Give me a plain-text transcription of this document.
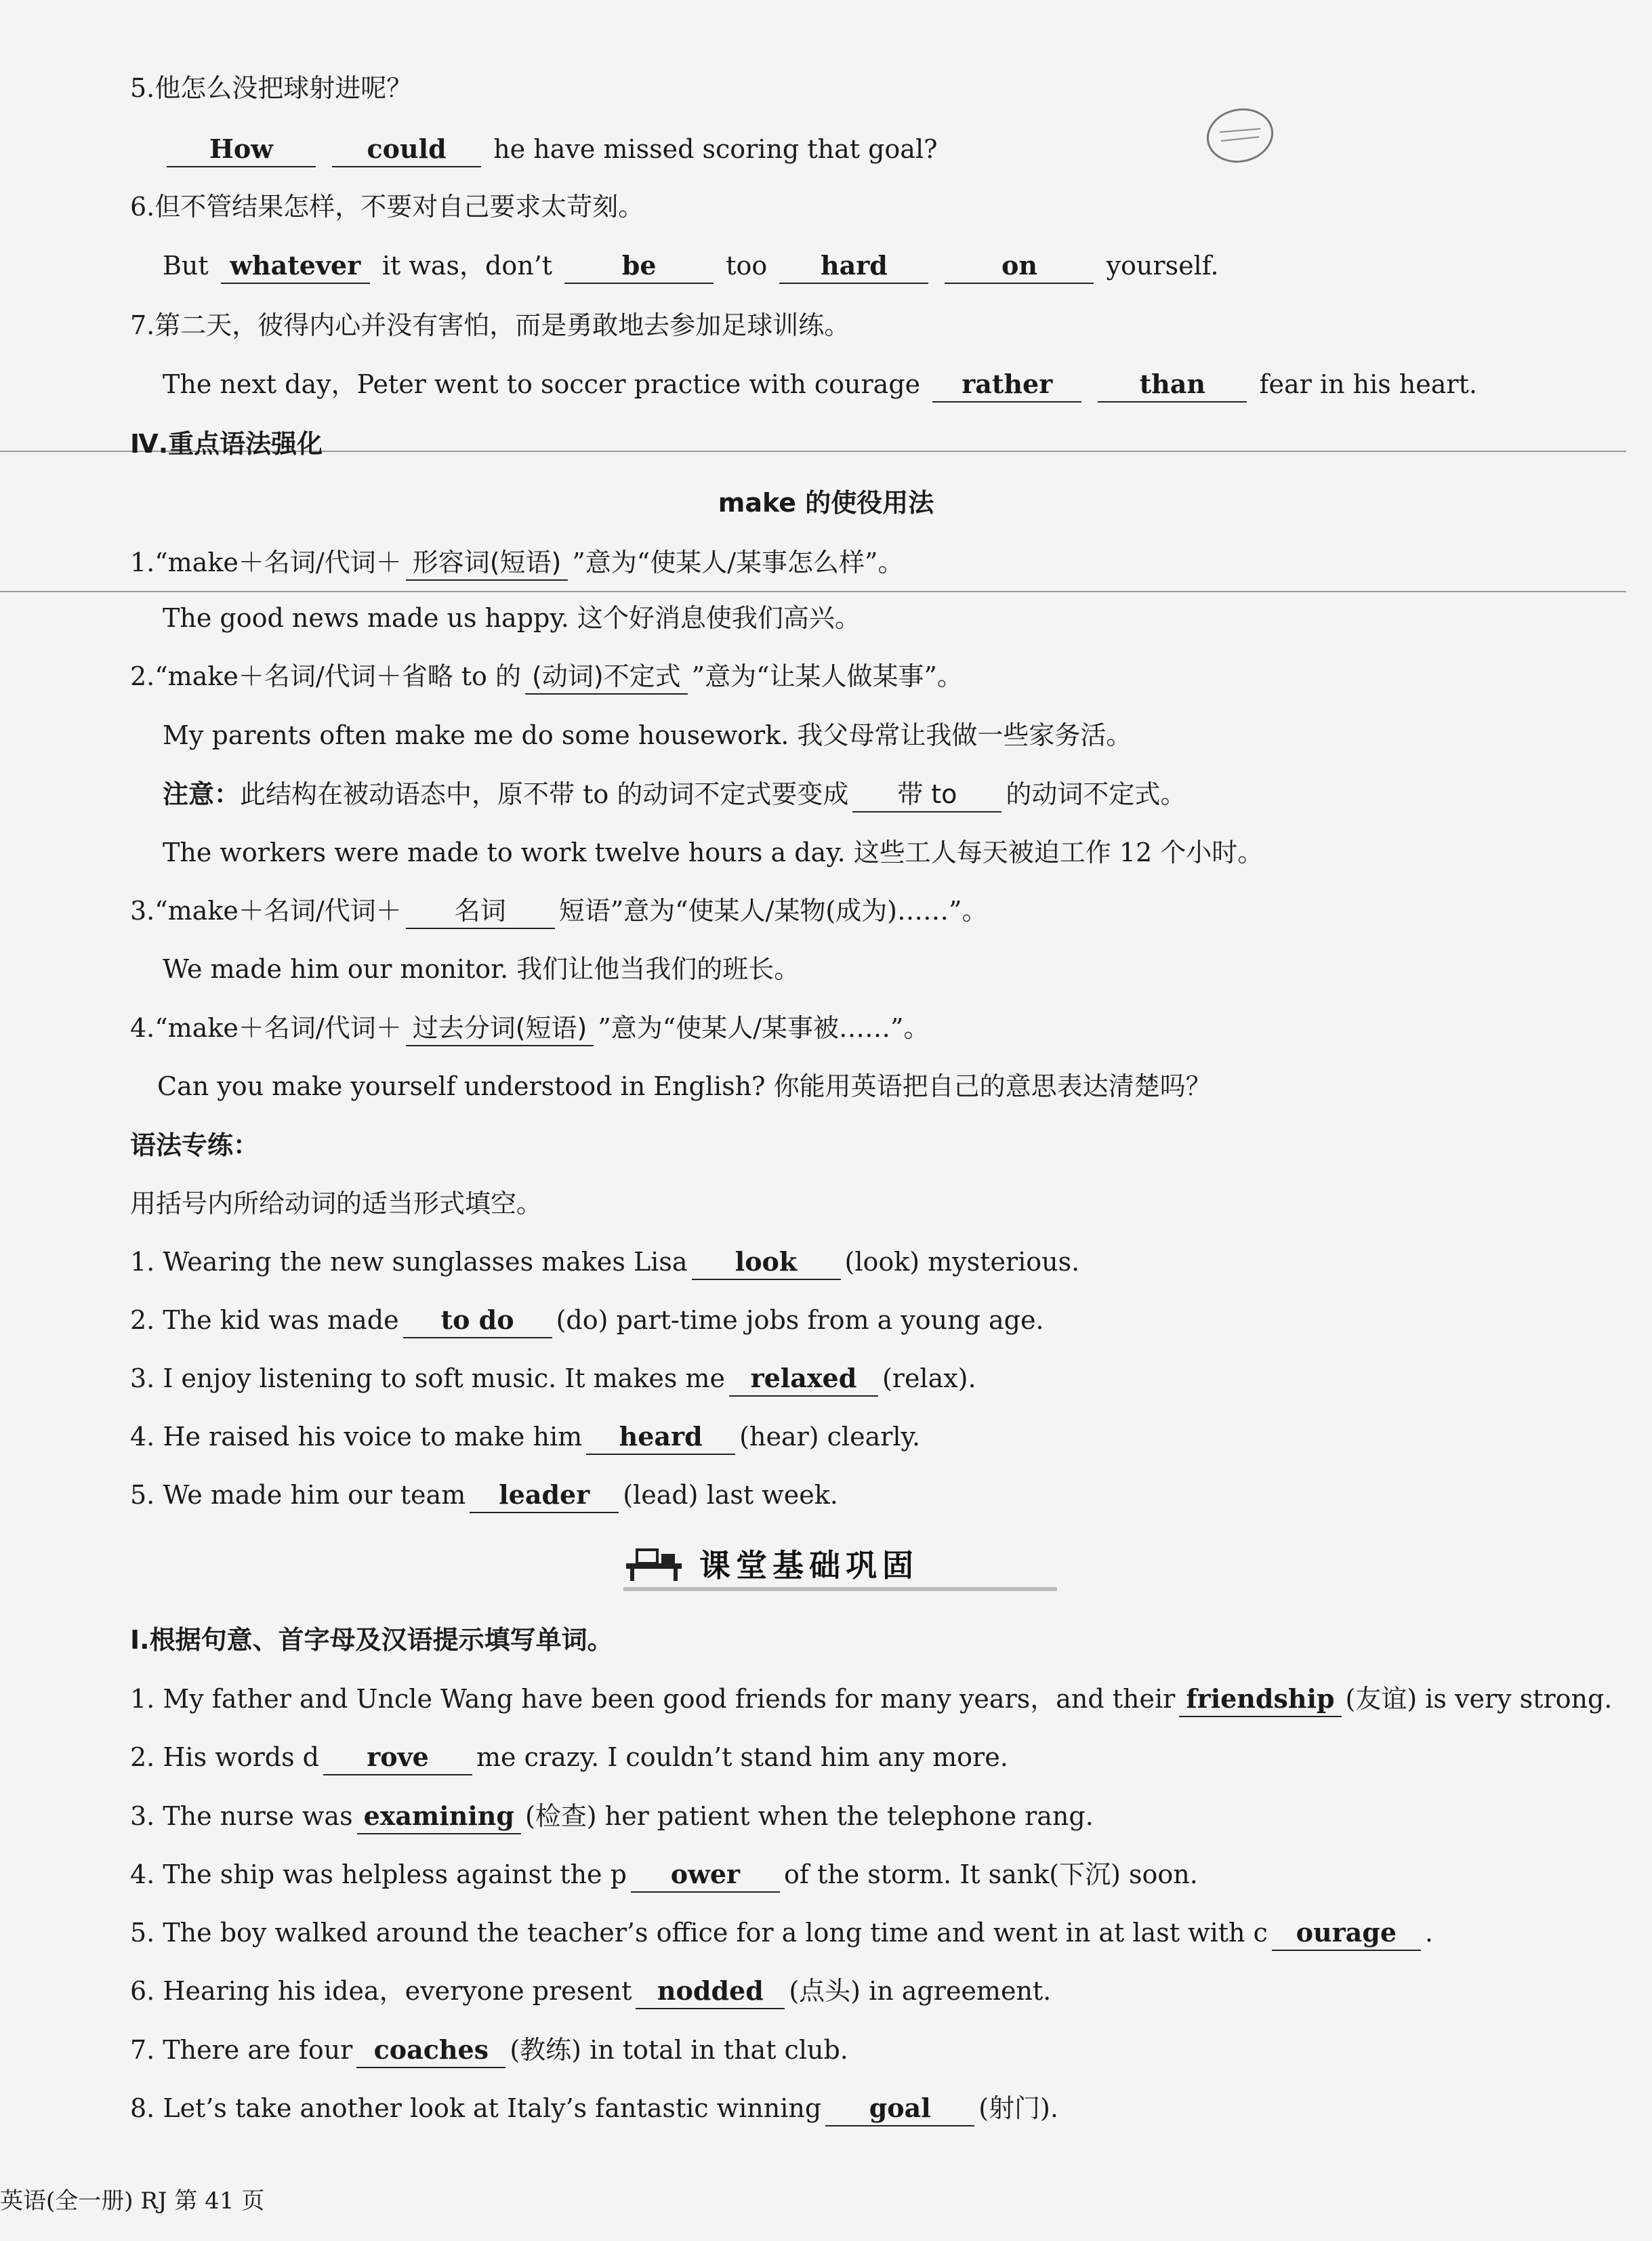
5.他怎么没把球射进呢？
How	could he have missed scoring that goal?
6.但不管结果怎样，不要对自己要求太苛刻。
But whatever it was，don’t	be	too hard	on	yourself.
7.第二天，彼得内心并没有害怕，而是勇敢地去参加足球训练。
The next day，Peter went to soccer practice with courage rather	than fear in his heart.
Ⅳ.重点语法强化
make 的使役用法
1.“make＋名词/代词＋ 形容词(短语) ”意为“使某人/某事怎么样”。
The good news made us happy. 这个好消息使我们高兴。
2.“make＋名词/代词＋省略 to 的 (动词)不定式 ”意为“让某人做某事”。
My parents often make me do some housework. 我父母常让我做一些家务活。
注意：此结构在被动语态中，原不带 to 的动词不定式要变成 带 to 的动词不定式。
The workers were made to work twelve hours a day. 这些工人每天被迫工作 12 个小时。
3.“make＋名词/代词＋ 名词 短语”意为“使某人/某物(成为)……”。
We made him our monitor. 我们让他当我们的班长。
4.“make＋名词/代词＋ 过去分词(短语) ”意为“使某人/某事被……”。
Can you make yourself understood in English? 你能用英语把自己的意思表达清楚吗？
语法专练：
用括号内所给动词的适当形式填空。
1. Wearing the new sunglasses makes Lisa look (look) mysterious.
2. The kid was made to do (do) part-time jobs from a young age.
3. I enjoy listening to soft music. It makes me relaxed (relax).
4. He raised his voice to make him heard (hear) clearly.
5. We made him our team leader (lead) last week.
课堂基础巩固
Ⅰ.根据句意、首字母及汉语提示填写单词。
1. My father and Uncle Wang have been good friends for many years，and their friendship (友谊) is very strong.
2. His words d rove me crazy. I couldn’t stand him any more.
3. The nurse was examining (检查) her patient when the telephone rang.
4. The ship was helpless against the p ower of the storm. It sank(下沉) soon.
5. The boy walked around the teacher’s office for a long time and went in at last with c ourage .
6. Hearing his idea，everyone present nodded (点头) in agreement.
7. There are four coaches (教练) in total in that club.
8. Let’s take another look at Italy’s fantastic winning goal (射门).
英语(全一册) RJ 第 41 页
